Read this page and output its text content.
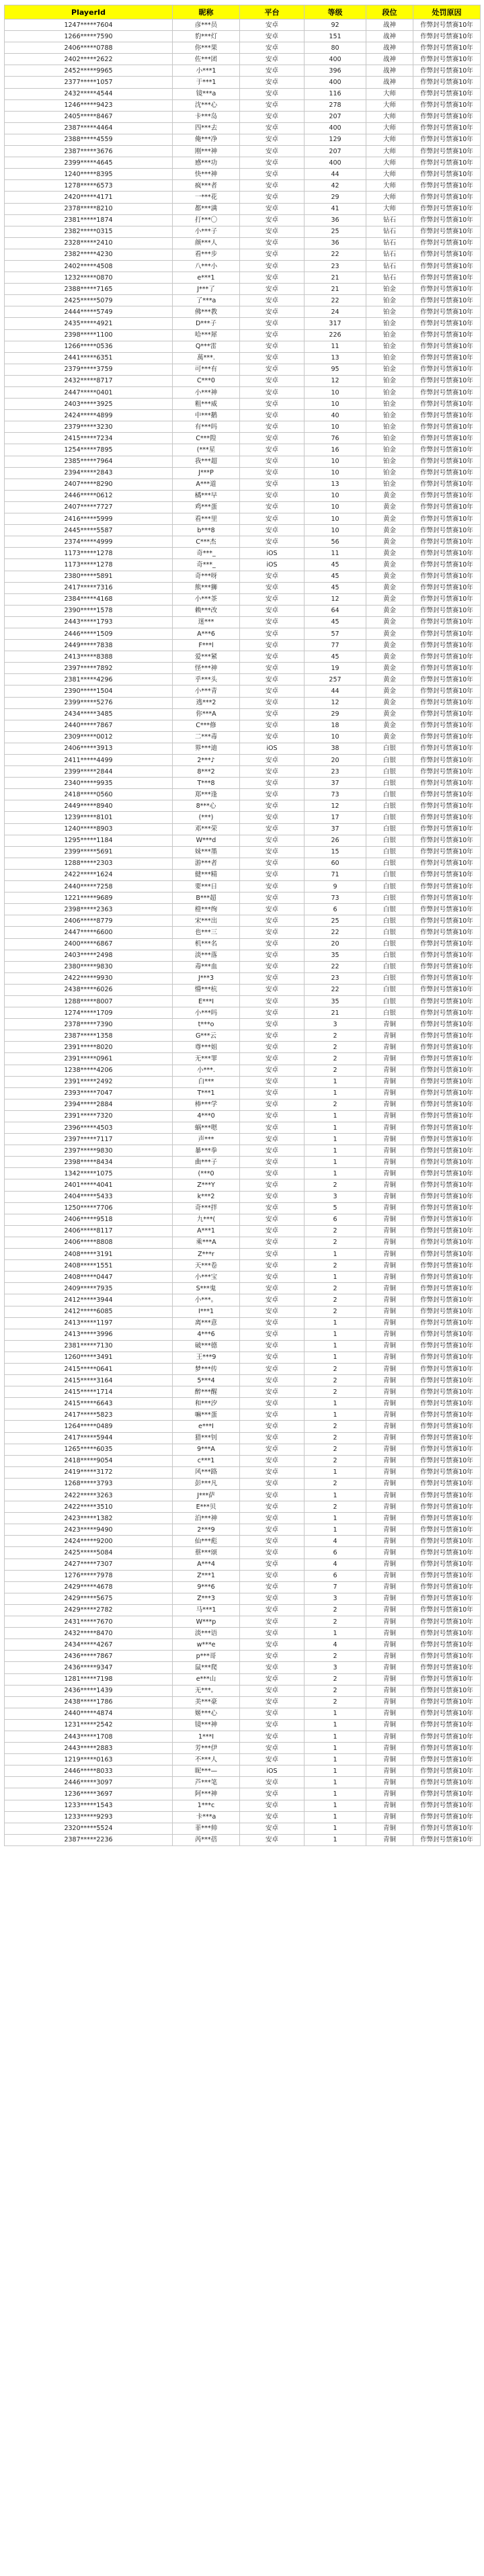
PlayerId	昵称	平台	等级	段位	处罚原因
1247*****7604	彦***员	安卓	92	战神	作弊封号禁赛10年
1266*****7590	豹***灯	安卓	151	战神	作弊封号禁赛10年
2406*****0788	你***果	安卓	80	战神	作弊封号禁赛10年
2402*****2622	佐***团	安卓	400	战神	作弊封号禁赛10年
2452*****9965	小***1	安卓	396	战神	作弊封号禁赛10年
2377*****1057	于***1	安卓	400	战神	作弊封号禁赛10年
2432*****4544	镜***a	安卓	116	大师	作弊封号禁赛10年
1246*****9423	沈***心	安卓	278	大师	作弊封号禁赛10年
2405*****8467	卡***岛	安卓	207	大师	作弊封号禁赛10年
2387*****4464	四***去	安卓	400	大师	作弊封号禁赛10年
2388*****4559	俺***净	安卓	129	大师	作弊封号禁赛10年
2387*****3676	刚***神	安卓	207	大师	作弊封号禁赛10年
2399*****4645	感***功	安卓	400	大师	作弊封号禁赛10年
1240*****8395	快***神	安卓	44	大师	作弊封号禁赛10年
1278*****6573	疯***者	安卓	42	大师	作弊封号禁赛10年
2420*****4171	一***花	安卓	29	大师	作弊封号禁赛10年
2378*****8210	都***满	安卓	41	大师	作弊封号禁赛10年
2381*****1874	打***〇	安卓	36	钻石	作弊封号禁赛10年
2382*****0315	小***子	安卓	25	钻石	作弊封号禁赛10年
2328*****2410	颜***人	安卓	36	钻石	作弊封号禁赛10年
2382*****4230	看***步	安卓	22	钻石	作弊封号禁赛10年
2402*****4508	八***小	安卓	23	钻石	作弊封号禁赛10年
1232*****0870	e***1	安卓	21	钻石	作弊封号禁赛10年
2388*****7165	J***了	安卓	21	铂金	作弊封号禁赛10年
2425*****5079	了***a	安卓	22	铂金	作弊封号禁赛10年
2444*****5749	佛***教	安卓	24	铂金	作弊封号禁赛10年
2435*****4921	D***子	安卓	317	铂金	作弊封号禁赛10年
2398*****1100	哈***犀	安卓	226	铂金	作弊封号禁赛10年
1266*****0536	Q***雷	安卓	11	铂金	作弊封号禁赛10年
2441*****6351	萬***.	安卓	13	铂金	作弊封号禁赛10年
2379*****3759	可***有	安卓	95	铂金	作弊封号禁赛10年
2432*****8717	C***0	安卓	12	铂金	作弊封号禁赛10年
2447*****0401	小***神	安卓	10	铂金	作弊封号禁赛10年
2403*****3925	粗***威	安卓	10	铂金	作弊封号禁赛10年
2424*****4899	中***鹅	安卓	40	铂金	作弊封号禁赛10年
2379*****3230	有***吗	安卓	10	铂金	作弊封号禁赛10年
2415*****7234	C***隍	安卓	76	铂金	作弊封号禁赛10年
1254*****7895	(***星	安卓	16	铂金	作弊封号禁赛10年
2385*****7964	我***超	安卓	10	铂金	作弊封号禁赛10年
2394*****2843	J***P	安卓	10	铂金	作弊封号禁赛10年
2407*****8290	A***道	安卓	13	铂金	作弊封号禁赛10年
2446*****0612	橘***早	安卓	10	黄金	作弊封号禁赛10年
2407*****7727	鸡***蛋	安卓	10	黄金	作弊封号禁赛10年
2416*****5999	看***里	安卓	10	黄金	作弊封号禁赛10年
2445*****5587	b***8	安卓	10	黄金	作弊封号禁赛10年
2374*****4999	C***杰	安卓	56	黄金	作弊封号禁赛10年
1173*****1278	奇***_	iOS	11	黄金	作弊封号禁赛10年
1173*****1278	奇***_	iOS	45	黄金	作弊封号禁赛10年
2380*****5891	奇***呀	安卓	45	黄金	作弊封号禁赛10年
2417*****7316	熊***狮	安卓	45	黄金	作弊封号禁赛10年
2384*****4168	小***茶	安卓	12	黄金	作弊封号禁赛10年
2390*****1578	赖***改	安卓	64	黄金	作弊封号禁赛10年
2443*****1793	迷***	安卓	45	黄金	作弊封号禁赛10年
2446*****1509	A***6	安卓	57	黄金	作弊封号禁赛10年
2449*****7838	F***l	安卓	77	黄金	作弊封号禁赛10年
2413*****8388	爱***紧	安卓	45	黄金	作弊封号禁赛10年
2397*****7892	怪***神	安卓	19	黄金	作弊封号禁赛10年
2381*****4296	乎***头	安卓	257	黄金	作弊封号禁赛10年
2390*****1504	小***青	安卓	44	黄金	作弊封号禁赛10年
2399*****5276	逃***2	安卓	12	黄金	作弊封号禁赛10年
2434*****3485	你***A	安卓	29	黄金	作弊封号禁赛10年
2440*****7867	C***修	安卓	18	黄金	作弊封号禁赛10年
2309*****0012	二***毒	安卓	10	黄金	作弊封号禁赛10年
2406*****3913	界***迪	iOS	38	白银	作弊封号禁赛10年
2411*****4499	2***♪	安卓	20	白银	作弊封号禁赛10年
2399*****2844	8***2	安卓	23	白银	作弊封号禁赛10年
2340*****9935	T***8	安卓	37	白银	作弊封号禁赛10年
2418*****0560	郑***逢	安卓	73	白银	作弊封号禁赛10年
2449*****8940	8***心	安卓	12	白银	作弊封号禁赛10年
1239*****8101	(***)	安卓	17	白银	作弊封号禁赛10年
1240*****8903	邓***荣	安卓	37	白银	作弊封号禁赛10年
1295*****1184	W***d	安卓	26	白银	作弊封号禁赛10年
2399*****5691	妹***墨	安卓	15	白银	作弊封号禁赛10年
1288*****2303	游***者	安卓	60	白银	作弊封号禁赛10年
2422*****1624	健***精	安卓	71	白银	作弊封号禁赛10年
2440*****7258	要***日	安卓	9	白银	作弊封号禁赛10年
1221*****9689	B***超	安卓	73	白银	作弊封号禁赛10年
2398*****2363	橙***绚	安卓	6	白银	作弊封号禁赛10年
2406*****8779	宋***出	安卓	25	白银	作弊封号禁赛10年
2447*****6600	也***三	安卓	22	白银	作弊封号禁赛10年
2400*****6867	机***名	安卓	20	白银	作弊封号禁赛10年
2403*****2498	淡***落	安卓	35	白银	作弊封号禁赛10年
2380*****9830	毒***血	安卓	22	白银	作弊封号禁赛10年
2422*****9930	J***3	安卓	23	白银	作弊封号禁赛10年
2438*****6026	懵***杭	安卓	22	白银	作弊封号禁赛10年
1288*****8007	E***I	安卓	35	白银	作弊封号禁赛10年
1274*****1709	小***吗	安卓	21	白银	作弊封号禁赛10年
2378*****7390	t***o	安卓	3	青铜	作弊封号禁赛10年
2387*****1358	G***云	安卓	2	青铜	作弊封号禁赛10年
2391*****8020	尊***姐	安卓	2	青铜	作弊封号禁赛10年
2391*****0961	无***罪	安卓	2	青铜	作弊封号禁赛10年
1238*****4206	小***.	安卓	2	青铜	作弊封号禁赛10年
2391*****2492	白***	安卓	1	青铜	作弊封号禁赛10年
2393*****7047	T***1	安卓	1	青铜	作弊封号禁赛10年
2394*****2884	棒***学	安卓	2	青铜	作弊封号禁赛10年
2391*****7320	4***0	安卓	1	青铜	作弊封号禁赛10年
2396*****4503	蜗***嗯	安卓	1	青铜	作弊封号禁赛10年
2397*****7117	声***	安卓	1	青铜	作弊封号禁赛10年
2397*****9830	暴***拳	安卓	1	青铜	作弊封号禁赛10年
2398*****8434	曲***子	安卓	1	青铜	作弊封号禁赛10年
1342*****1075	(***0	安卓	1	青铜	作弊封号禁赛10年
2401*****4041	Z***Y	安卓	2	青铜	作弊封号禁赛10年
2404*****5433	k***2	安卓	3	青铜	作弊封号禁赛10年
1250*****7706	奇***拌	安卓	5	青铜	作弊封号禁赛10年
2406*****9518	九***(	安卓	6	青铜	作弊封号禁赛10年
2406*****8117	A***1	安卓	2	青铜	作弊封号禁赛10年
2406*****8808	乘***A	安卓	2	青铜	作弊封号禁赛10年
2408*****3191	Z***r	安卓	1	青铜	作弊封号禁赛10年
2408*****1551	天***卷	安卓	2	青铜	作弊封号禁赛10年
2408*****0447	小***宝	安卓	1	青铜	作弊封号禁赛10年
2409*****7935	S***鬼	安卓	2	青铜	作弊封号禁赛10年
2412*****3944	小***。	安卓	2	青铜	作弊封号禁赛10年
2412*****6085	I***1	安卓	2	青铜	作弊封号禁赛10年
2413*****1197	离***意	安卓	1	青铜	作弊封号禁赛10年
2413*****3996	4***6	安卓	1	青铜	作弊封号禁赛10年
2381*****7130	破***德	安卓	1	青铜	作弊封号禁赛10年
1260*****3491	王***9	安卓	1	青铜	作弊封号禁赛10年
2415*****0641	梦***传	安卓	2	青铜	作弊封号禁赛10年
2415*****3164	5***4	安卓	2	青铜	作弊封号禁赛10年
2415*****1714	醉***醒	安卓	2	青铜	作弊封号禁赛10年
2415*****6643	和***汐	安卓	1	青铜	作弊封号禁赛10年
2417*****5823	嘛***蛋	安卓	1	青铜	作弊封号禁赛10年
1264*****0489	e***I	安卓	2	青铜	作弊封号禁赛10年
2417*****5944	猎***钊	安卓	2	青铜	作弊封号禁赛10年
1265*****6035	9***A	安卓	2	青铜	作弊封号禁赛10年
2418*****9054	c***1	安卓	2	青铜	作弊封号禁赛10年
2419*****3172	风***路	安卓	1	青铜	作弊封号禁赛10年
1268*****3793	彭***凡	安卓	2	青铜	作弊封号禁赛10年
2422*****3263	J***萨	安卓	1	青铜	作弊封号禁赛10年
2422*****3510	E***贝	安卓	2	青铜	作弊封号禁赛10年
2423*****1382	泊***神	安卓	1	青铜	作弊封号禁赛10年
2423*****9490	2***9	安卓	1	青铜	作弊封号禁赛10年
2424*****9200	仙***彪	安卓	4	青铜	作弊封号禁赛10年
2425*****5084	蔡***颂	安卓	6	青铜	作弊封号禁赛10年
2427*****7307	A***4	安卓	4	青铜	作弊封号禁赛10年
1276*****7978	Z***1	安卓	6	青铜	作弊封号禁赛10年
2429*****4678	9***6	安卓	7	青铜	作弊封号禁赛10年
2429*****5675	Z***3	安卓	3	青铜	作弊封号禁赛10年
2429*****2782	马***1	安卓	2	青铜	作弊封号禁赛10年
2431*****7670	W***p	安卓	2	青铜	作弊封号禁赛10年
2432*****8470	淡***语	安卓	1	青铜	作弊封号禁赛10年
2434*****4267	w***e	安卓	4	青铜	作弊封号禁赛10年
2436*****7867	p***哥	安卓	2	青铜	作弊封号禁赛10年
2436*****9347	鼠***爬	安卓	3	青铜	作弊封号禁赛10年
1281*****7198	e***山	安卓	2	青铜	作弊封号禁赛10年
2436*****1439	无***。	安卓	2	青铜	作弊封号禁赛10年
2438*****1786	美***豪	安卓	2	青铜	作弊封号禁赛10年
2440*****4874	姬***心	安卓	1	青铜	作弊封号禁赛10年
1231*****2542	镜***神	安卓	1	青铜	作弊封号禁赛10年
2443*****1708	1***I	安卓	1	青铜	作弊封号禁赛10年
2443*****2883	芳***伊	安卓	1	青铜	作弊封号禁赛10年
1219*****0163	不***人	安卓	1	青铜	作弊封号禁赛10年
2446*****8033	昵***—	iOS	1	青铜	作弊封号禁赛10年
2446*****3097	芦***笔	安卓	1	青铜	作弊封号禁赛10年
1236*****3697	阿***神	安卓	1	青铜	作弊封号禁赛10年
1233*****1543	1***c	安卓	1	青铜	作弊封号禁赛10年
1233*****9293	卡***a	安卓	1	青铜	作弊封号禁赛10年
2320*****5524	菲***帅	安卓	1	青铜	作弊封号禁赛10年
2387*****2236	芮***蓓	安卓	1	青铜	作弊封号禁赛10年
